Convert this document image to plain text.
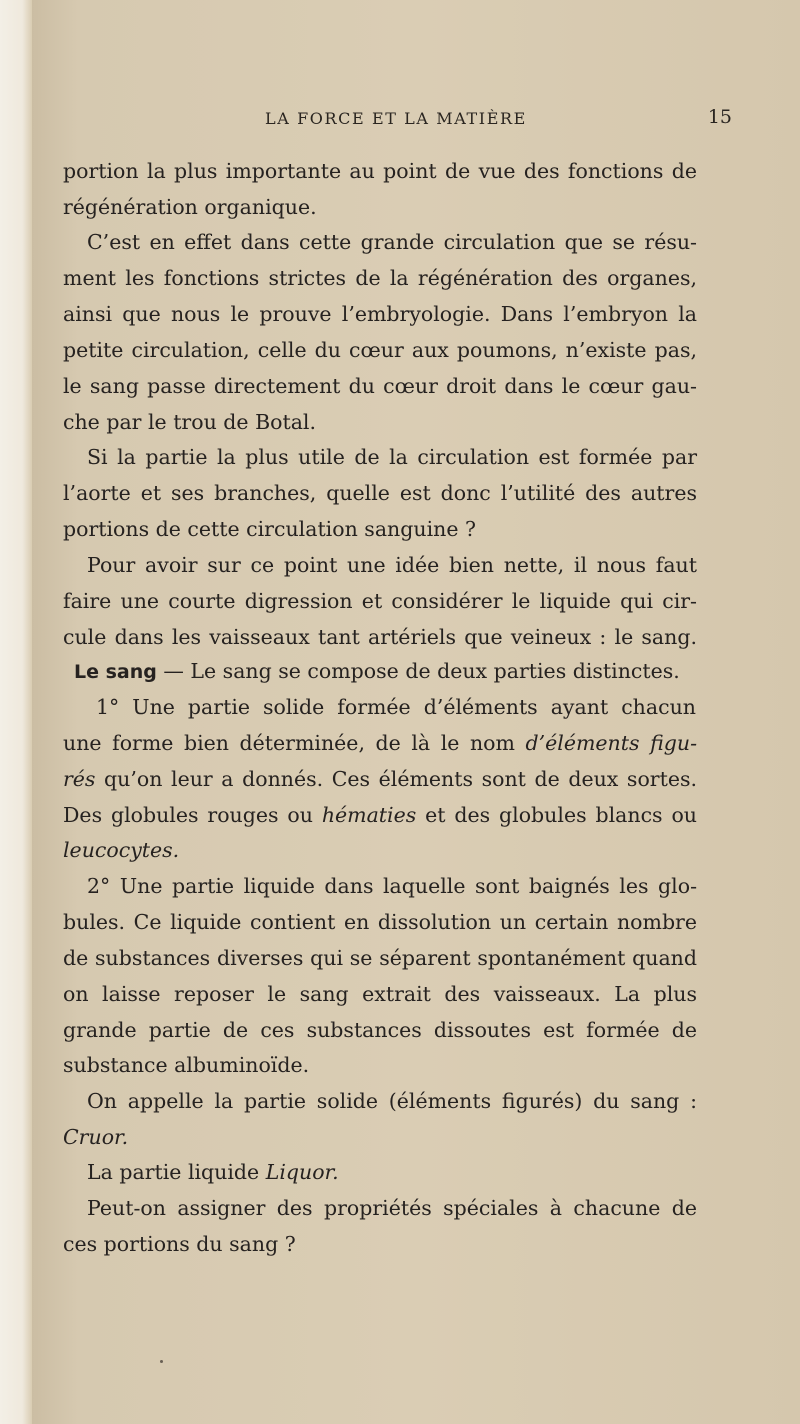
LA FORCE ET LA MATIÈRE	15
portion la plus importante au point de vue des fonctions de
régénération organique.
C’est en effet dans cette grande circulation que se résu-
ment les fonctions strictes de la régénération des organes,
ainsi que nous le prouve l’embryologie. Dans l’embryon la
petite circulation, celle du cœur aux poumons, n’existe pas,
le sang passe directement du cœur droit dans le cœur gau-
che par le trou de Botal.
Si la partie la plus utile de la circulation est formée par
l’aorte et ses branches, quelle est donc l’utilité des autres
portions de cette circulation sanguine ?
Pour avoir sur ce point une idée bien nette, il nous faut
faire une courte digression et considérer le liquide qui cir-
cule dans les vaisseaux tant artériels que veineux : le sang.
Le sang — Le sang se compose de deux parties distinctes.
1° Une partie solide formée d’éléments ayant chacun
une forme bien déterminée, de là le nom d’éléments figu-
rés qu’on leur a donnés. Ces éléments sont de deux sortes.
Des globules rouges ou hématies et des globules blancs ou
leucocytes.
2° Une partie liquide dans laquelle sont baignés les glo-
bules. Ce liquide contient en dissolution un certain nombre
de substances diverses qui se séparent spontanément quand
on laisse reposer le sang extrait des vaisseaux. La plus
grande partie de ces substances dissoutes est formée de
substance albuminoïde.
On appelle la partie solide (éléments figurés) du sang :
Cruor.
La partie liquide Liquor.
Peut-on assigner des propriétés spéciales à chacune de
ces portions du sang ?
